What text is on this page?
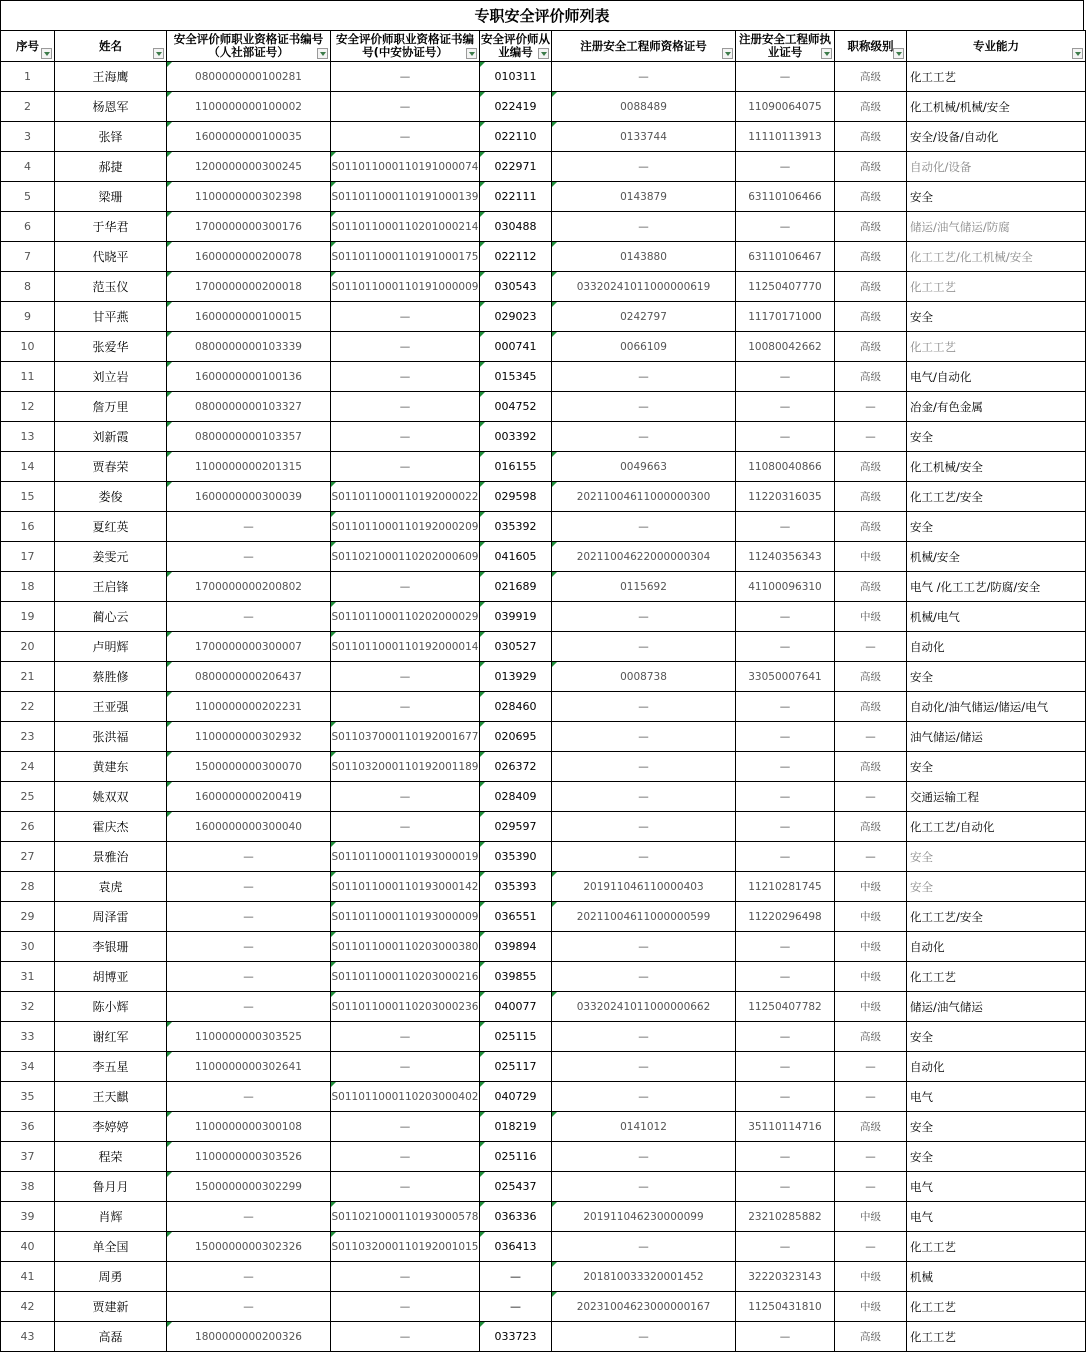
专职安全评价师列表
序号	姓名	安全评价师职业资格证书编号（人社部证号）	安全评价师职业资格证书编号(中安协证号）	安全评价师从业编号	注册安全工程师资格证号	注册安全工程师执业证号	职称级别	专业能力

1	王海鹰	0800000000100281	—	010311	—	—	高级	化工工艺
2	杨恩军	1100000000100002	—	022419	0088489	11090064075	高级	化工机械/机械/安全
3	张铎	1600000000100035	—	022110	0133744	11110113913	高级	安全/设备/自动化
4	郝捷	1200000000300245	S011011000110191000074	022971	—	—	高级	自动化/设备
5	梁珊	1100000000302398	S011011000110191000139	022111	0143879	63110106466	高级	安全
6	于华君	1700000000300176	S011011000110201000214	030488	—	—	高级	储运/油气储运/防腐
7	代晓平	1600000000200078	S011011000110191000175	022112	0143880	63110106467	高级	化工工艺/化工机械/安全
8	范玉仪	1700000000200018	S011011000110191000009	030543	03320241011000000619	11250407770	高级	化工工艺
9	甘平燕	1600000000100015	—	029023	0242797	11170171000	高级	安全
10	张爱华	0800000000103339	—	000741	0066109	10080042662	高级	化工工艺
11	刘立岩	1600000000100136	—	015345	—	—	高级	电气/自动化
12	詹万里	0800000000103327	—	004752	—	—	—	冶金/有色金属
13	刘新霞	0800000000103357	—	003392	—	—	—	安全
14	贾春荣	1100000000201315	—	016155	0049663	11080040866	高级	化工机械/安全
15	娄俊	1600000000300039	S011011000110192000022	029598	20211004611000000300	11220316035	高级	化工工艺/安全
16	夏红英	—	S011011000110192000209	035392	—	—	高级	安全
17	姜雯元	—	S011021000110202000609	041605	20211004622000000304	11240356343	中级	机械/安全
18	王启锋	1700000000200802	—	021689	0115692	41100096310	高级	电气 /化工工艺/防腐/安全
19	蔺心云	—	S011011000110202000029	039919	—	—	中级	机械/电气
20	卢明辉	1700000000300007	S011011000110192000014	030527	—	—	—	自动化
21	蔡胜修	0800000000206437	—	013929	0008738	33050007641	高级	安全
22	王亚强	1100000000202231	—	028460	—	—	高级	自动化/油气储运/储运/电气
23	张洪福	1100000000302932	S011037000110192001677	020695	—	—	—	油气储运/储运
24	黄建东	1500000000300070	S011032000110192001189	026372	—	—	高级	安全
25	姚双双	1600000000200419	—	028409	—	—	—	交通运输工程
26	霍庆杰	1600000000300040	—	029597	—	—	高级	化工工艺/自动化
27	景雅治	—	S011011000110193000019	035390	—	—	—	安全
28	袁虎	—	S011011000110193000142	035393	201911046110000403	11210281745	中级	安全
29	周泽雷	—	S011011000110193000009	036551	20211004611000000599	11220296498	中级	化工工艺/安全
30	李银珊	—	S011011000110203000380	039894	—	—	中级	自动化
31	胡博亚	—	S011011000110203000216	039855	—	—	中级	化工工艺
32	陈小辉	—	S011011000110203000236	040077	03320241011000000662	11250407782	中级	储运/油气储运
33	谢红军	1100000000303525	—	025115	—	—	高级	安全
34	李五星	1100000000302641	—	025117	—	—	—	自动化
35	王天麒	—	S011011000110203000402	040729	—	—	—	电气
36	李婷婷	1100000000300108	—	018219	0141012	35110114716	高级	安全
37	程荣	1100000000303526	—	025116	—	—	—	安全
38	鲁月月	1500000000302299	—	025437	—	—	—	电气
39	肖辉	—	S011021000110193000578	036336	201911046230000099	23210285882	中级	电气
40	单全国	1500000000302326	S011032000110192001015	036413	—	—	—	化工工艺
41	周勇	—	—	—	201810033320001452	32220323143	中级	机械
42	贾建新	—	—	—	20231004623000000167	11250431810	中级	化工工艺
43	高磊	1800000000200326	—	033723	—	—	高级	化工工艺
